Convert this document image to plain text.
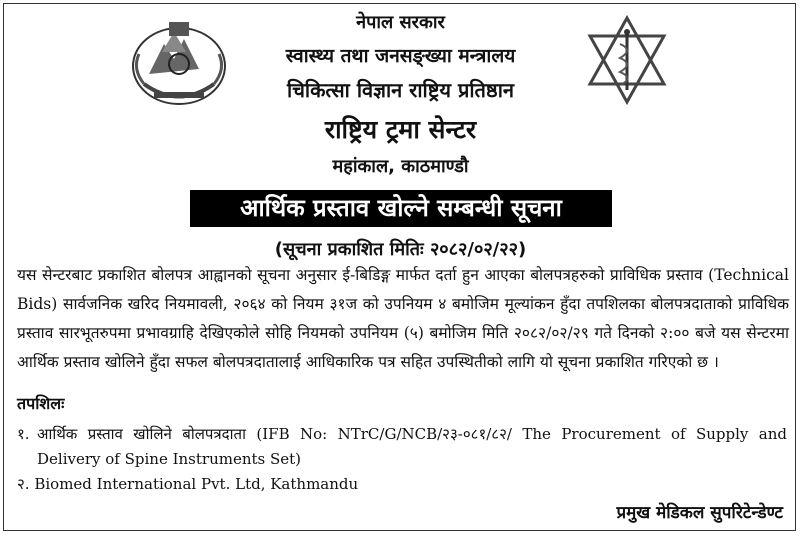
नेपाल सरकार
स्वास्थ्य तथा जनसङ्ख्या मन्त्रालय
चिकित्सा विज्ञान राष्ट्रिय प्रतिष्ठान
राष्ट्रिय ट्रमा सेन्टर
महांकाल, काठमाण्डौ
आर्थिक प्रस्ताव खोल्ने सम्बन्धी सूचना
(सूचना प्रकाशित मितिः २०८२/०२/२२)
यस सेन्टरबाट प्रकाशित बोलपत्र आह्वानको सूचना अनुसार ई-बिडिङ्ग मार्फत दर्ता हुन आएका बोलपत्रहरुको प्राविधिक प्रस्ताव (Technical Bids) सार्वजनिक खरिद नियमावली, २०६४ को नियम ३१ज को उपनियम ४ बमोजिम मूल्यांकन हुँदा तपशिलका बोलपत्रदाताको प्राविधिक प्रस्ताव सारभूतरुपमा प्रभावग्राहि देखिएकोले सोहि नियमको उपनियम (५) बमोजिम मिति २०८२/०२/२९ गते दिनको २:०० बजे यस सेन्टरमा आर्थिक प्रस्ताव खोलिने हुँदा सफल बोलपत्रदातालाई आधिकारिक पत्र सहित उपस्थितीको लागि यो सूचना प्रकाशित गरिएको छ ।
तपशिलः
१. आर्थिक प्रस्ताव खोलिने बोलपत्रदाता (IFB No: NTrC/G/NCB/२३-०८१/८२/ The Procurement of Supply and Delivery of Spine Instruments Set)
२. Biomed International Pvt. Ltd, Kathmandu
प्रमुख मेडिकल सुपरिटेन्डेण्ट
